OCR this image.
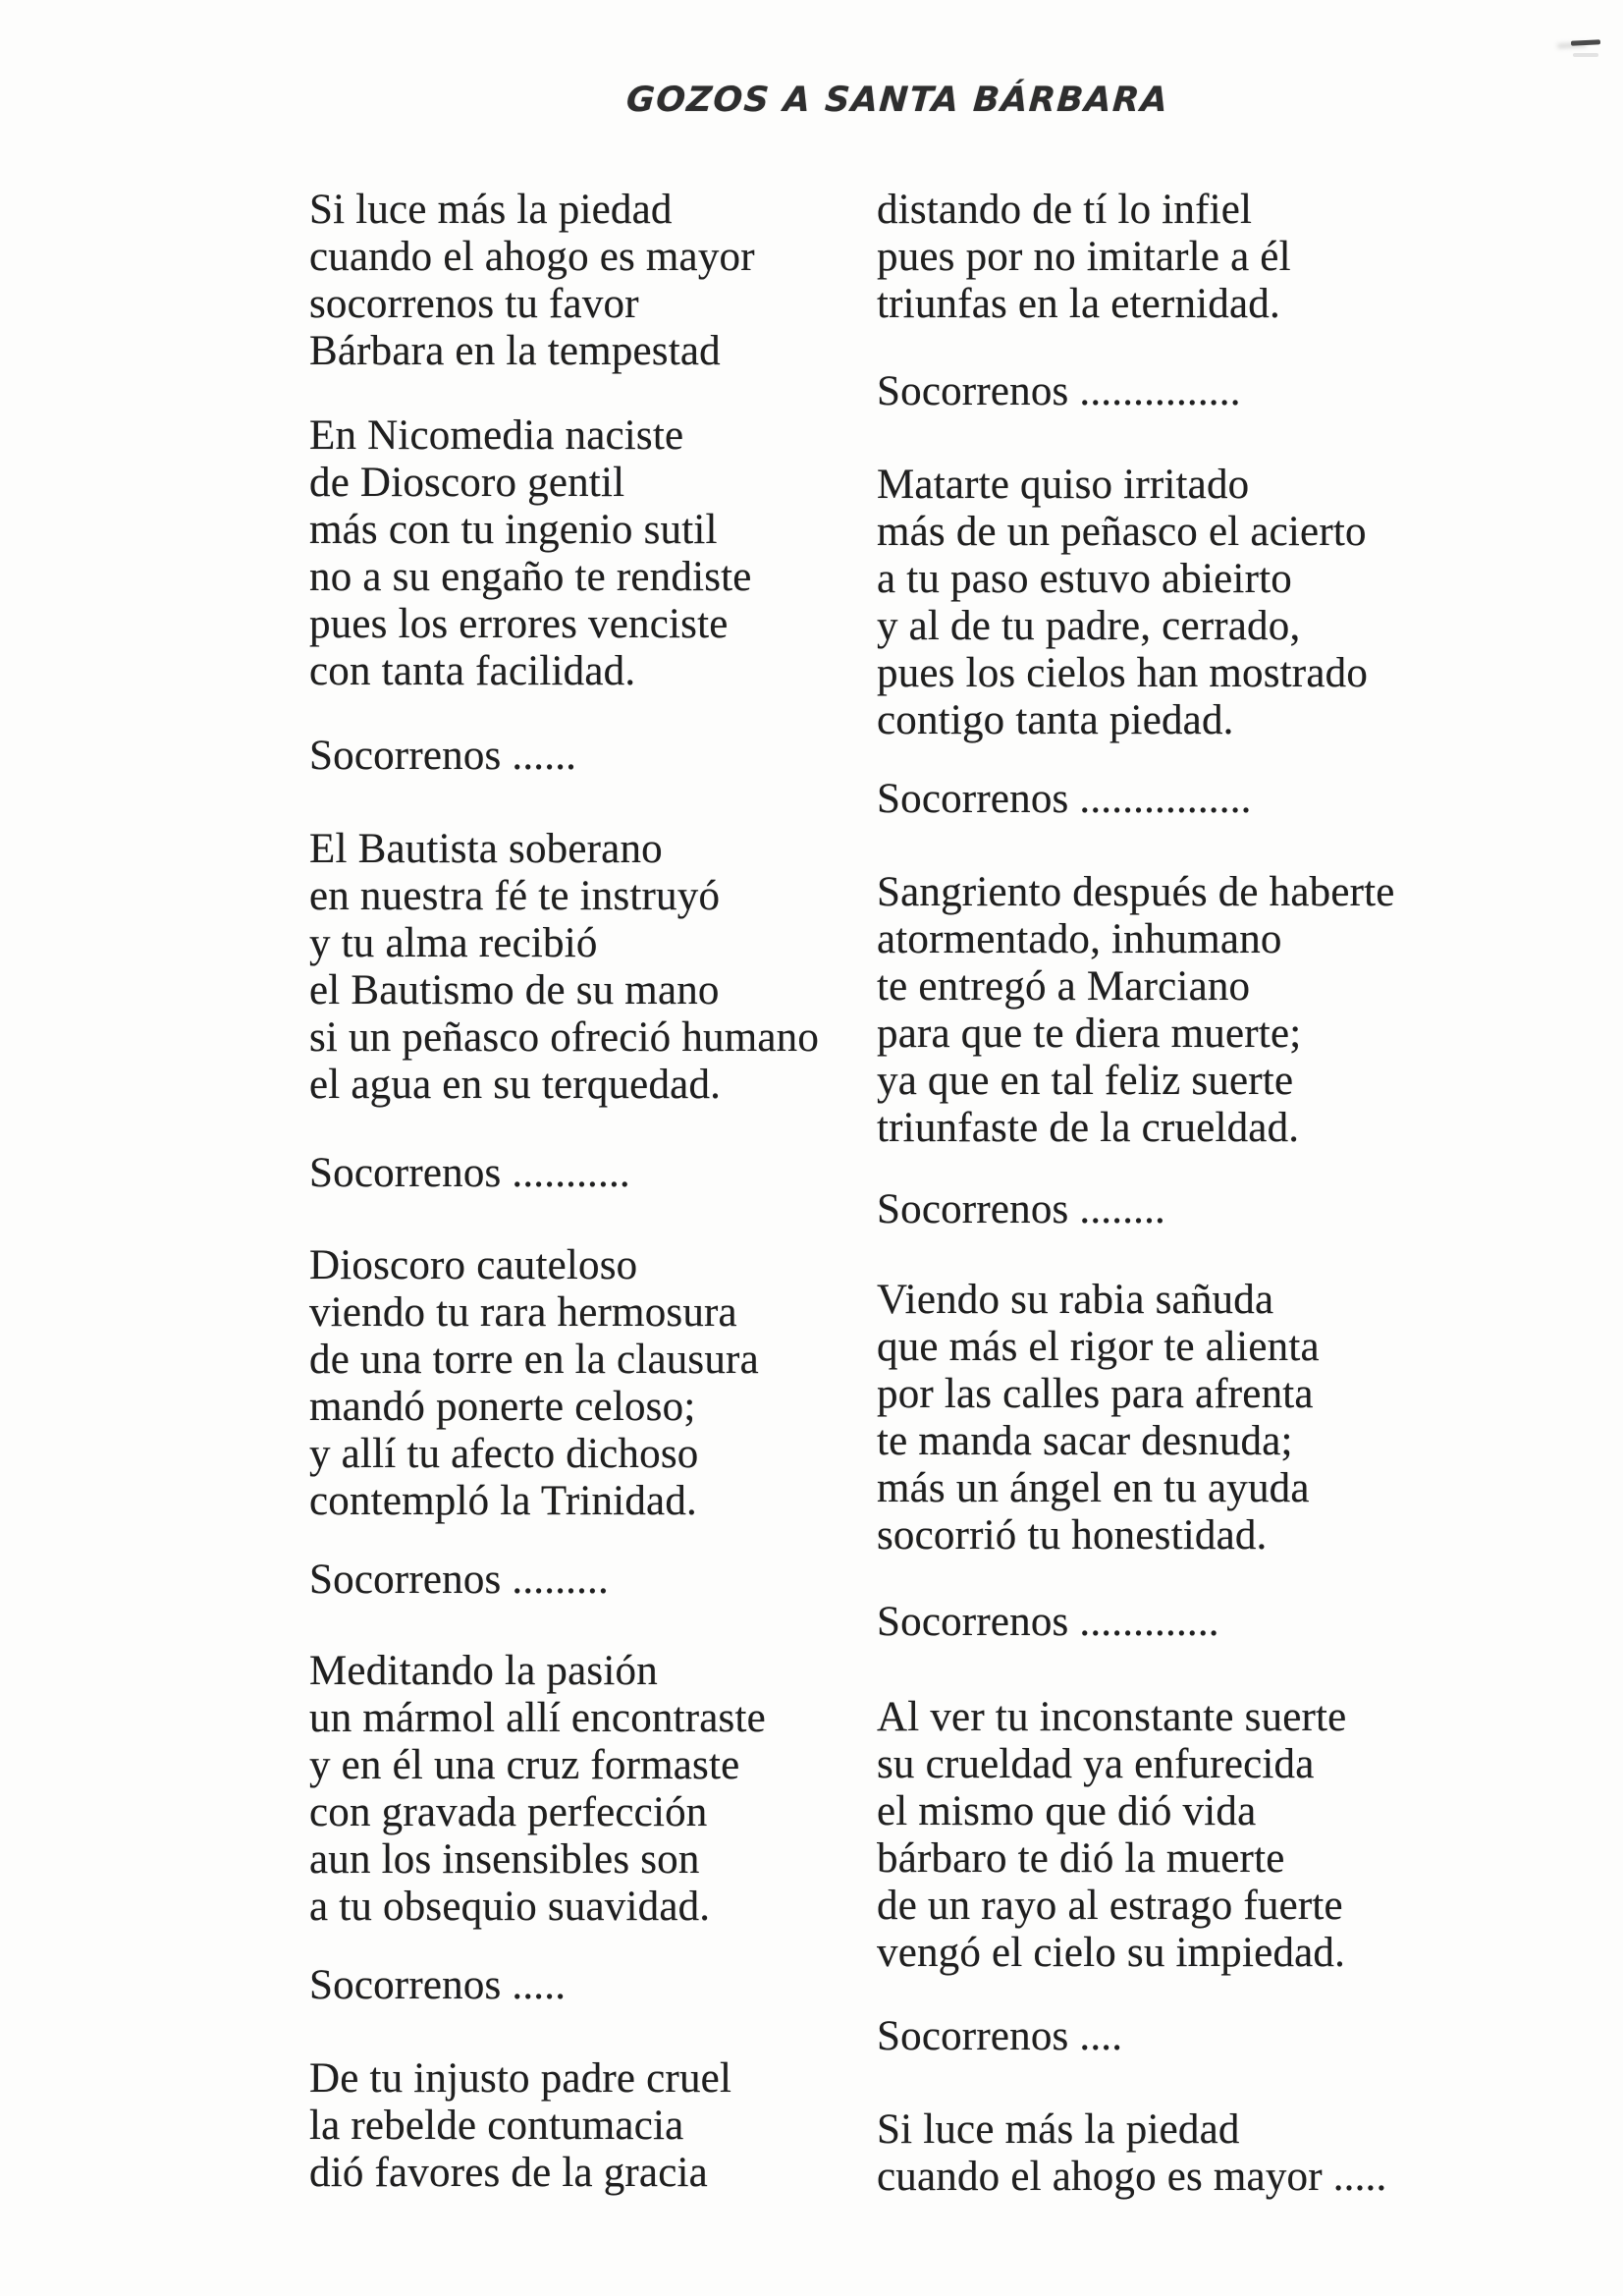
GOZOS A SANTA BÁRBARA
Si luce más la piedad
cuando el ahogo es mayor
socorrenos tu favor
Bárbara en la tempestad
En Nicomedia naciste
de Dioscoro gentil
más con tu ingenio sutil
no a su engaño te rendiste
pues los errores venciste
con tanta facilidad.
Socorrenos ......
El Bautista soberano
en nuestra fé te instruyó
y tu alma recibió
el Bautismo de su mano
si un peñasco ofreció humano
el agua en su terquedad.
Socorrenos ...........
Dioscoro cauteloso
viendo tu rara hermosura
de una torre en la clausura
mandó ponerte celoso;
y allí tu afecto dichoso
contempló la Trinidad.
Socorrenos .........
Meditando la pasión
un mármol allí encontraste
y en él una cruz formaste
con gravada perfección
aun los insensibles son
a tu obsequio suavidad.
Socorrenos .....
De tu injusto padre cruel
la rebelde contumacia
dió favores de la gracia
distando de tí lo infiel
pues por no imitarle a él
triunfas en la eternidad.
Socorrenos ...............
Matarte quiso irritado
más de un peñasco el acierto
a tu paso estuvo abieirto
y al de tu padre, cerrado,
pues los cielos han mostrado
contigo tanta piedad.
Socorrenos ................
Sangriento después de haberte
atormentado, inhumano
te entregó a Marciano
para que te diera muerte;
ya que en tal feliz suerte
triunfaste de la crueldad.
Socorrenos ........
Viendo su rabia sañuda
que más el rigor te alienta
por las calles para afrenta
te manda sacar desnuda;
más un ángel en tu ayuda
socorrió tu honestidad.
Socorrenos .............
Al ver tu inconstante suerte
su crueldad ya enfurecida
el mismo que dió vida
bárbaro te dió la muerte
de un rayo al estrago fuerte
vengó el cielo su impiedad.
Socorrenos ....
Si luce más la piedad
cuando el ahogo es mayor .....
